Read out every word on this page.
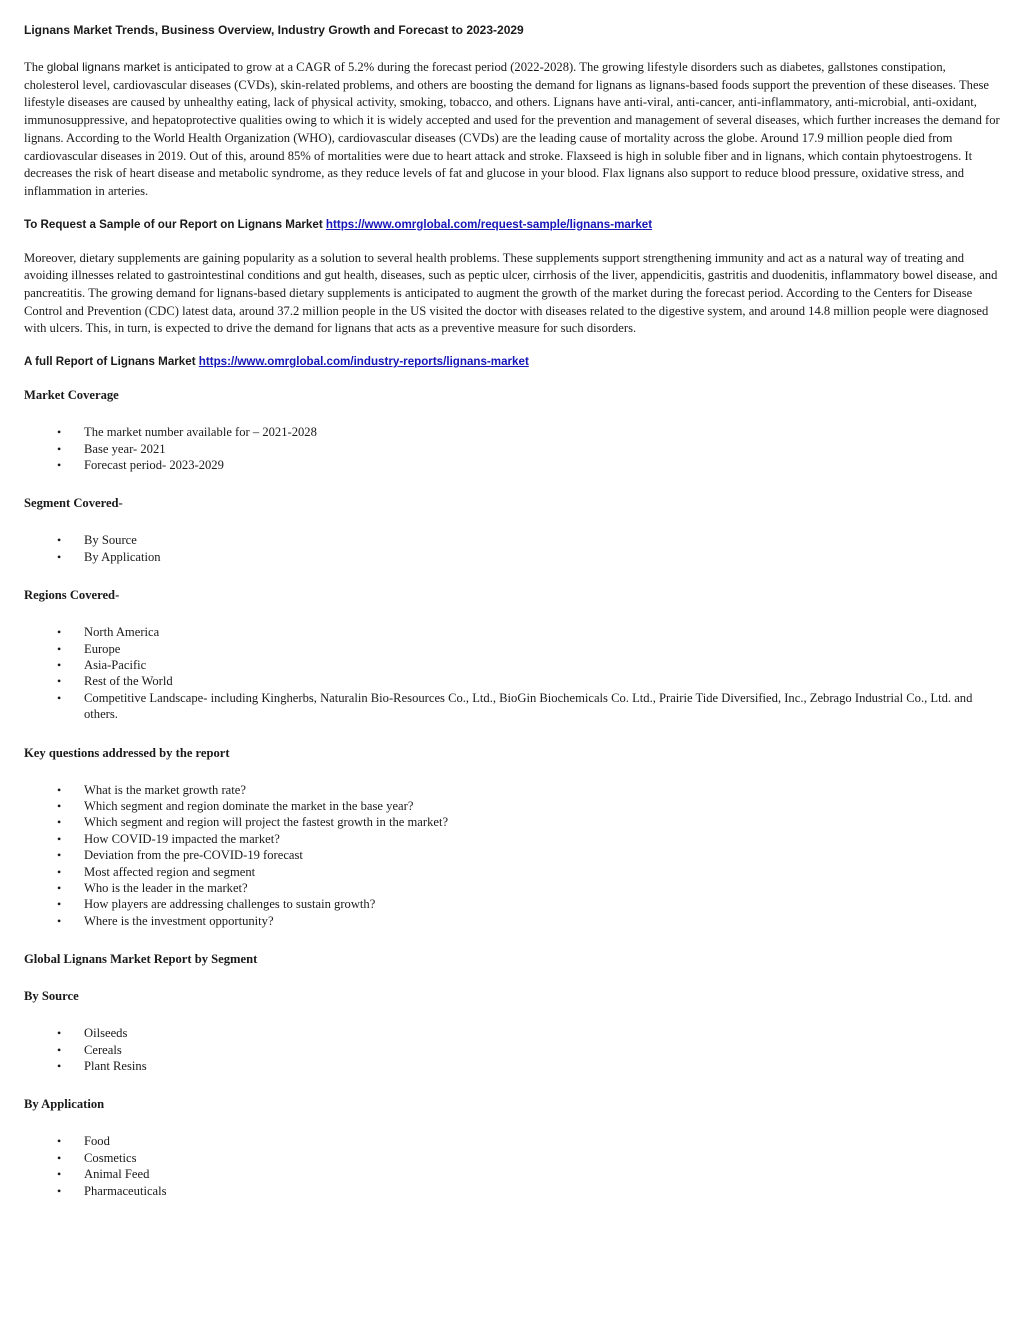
Lignans Market Trends, Business Overview, Industry Growth and Forecast to 2023-2029

The global lignans market is anticipated to grow at a CAGR of 5.2% during the forecast period (2022-2028). The growing lifestyle disorders such as diabetes, gallstones constipation, cholesterol level, cardiovascular diseases (CVDs), skin-related problems, and others are boosting the demand for lignans as lignans-based foods support the prevention of these diseases. These lifestyle diseases are caused by unhealthy eating, lack of physical activity, smoking, tobacco, and others. Lignans have anti-viral, anti-cancer, anti-inflammatory, anti-microbial, anti-oxidant, immunosuppressive, and hepatoprotective qualities owing to which it is widely accepted and used for the prevention and management of several diseases, which further increases the demand for lignans. According to the World Health Organization (WHO), cardiovascular diseases (CVDs) are the leading cause of mortality across the globe. Around 17.9 million people died from cardiovascular diseases in 2019. Out of this, around 85% of mortalities were due to heart attack and stroke. Flaxseed is high in soluble fiber and in lignans, which contain phytoestrogens. It decreases the risk of heart disease and metabolic syndrome, as they reduce levels of fat and glucose in your blood. Flax lignans also support to reduce blood pressure, oxidative stress, and inflammation in arteries.

To Request a Sample of our Report on Lignans Market https://www.omrglobal.com/request-sample/lignans-market

Moreover, dietary supplements are gaining popularity as a solution to several health problems. These supplements support strengthening immunity and act as a natural way of treating and avoiding illnesses related to gastrointestinal conditions and gut health, diseases, such as peptic ulcer, cirrhosis of the liver, appendicitis, gastritis and duodenitis, inflammatory bowel disease, and pancreatitis. The growing demand for lignans-based dietary supplements is anticipated to augment the growth of the market during the forecast period. According to the Centers for Disease Control and Prevention (CDC) latest data, around 37.2 million people in the US visited the doctor with diseases related to the digestive system, and around 14.8 million people were diagnosed with ulcers. This, in turn, is expected to drive the demand for lignans that acts as a preventive measure for such disorders.

A full Report of Lignans Market https://www.omrglobal.com/industry-reports/lignans-market
Market Coverage
• The market number available for – 2021-2028
• Base year- 2021
• Forecast period- 2023-2029
Segment Covered-
• By Source
• By Application
Regions Covered-
• North America
• Europe
• Asia-Pacific
• Rest of the World
• Competitive Landscape- including Kingherbs, Naturalin Bio-Resources Co., Ltd., BioGin Biochemicals Co. Ltd., Prairie Tide Diversified, Inc., Zebrago Industrial Co., Ltd. and others.
Key questions addressed by the report
• What is the market growth rate?
• Which segment and region dominate the market in the base year?
• Which segment and region will project the fastest growth in the market?
• How COVID-19 impacted the market?
• Deviation from the pre-COVID-19 forecast
• Most affected region and segment
• Who is the leader in the market?
• How players are addressing challenges to sustain growth?
• Where is the investment opportunity?
Global Lignans Market Report by Segment
By Source
• Oilseeds
• Cereals
• Plant Resins
By Application
• Food
• Cosmetics
• Animal Feed
• Pharmaceuticals
